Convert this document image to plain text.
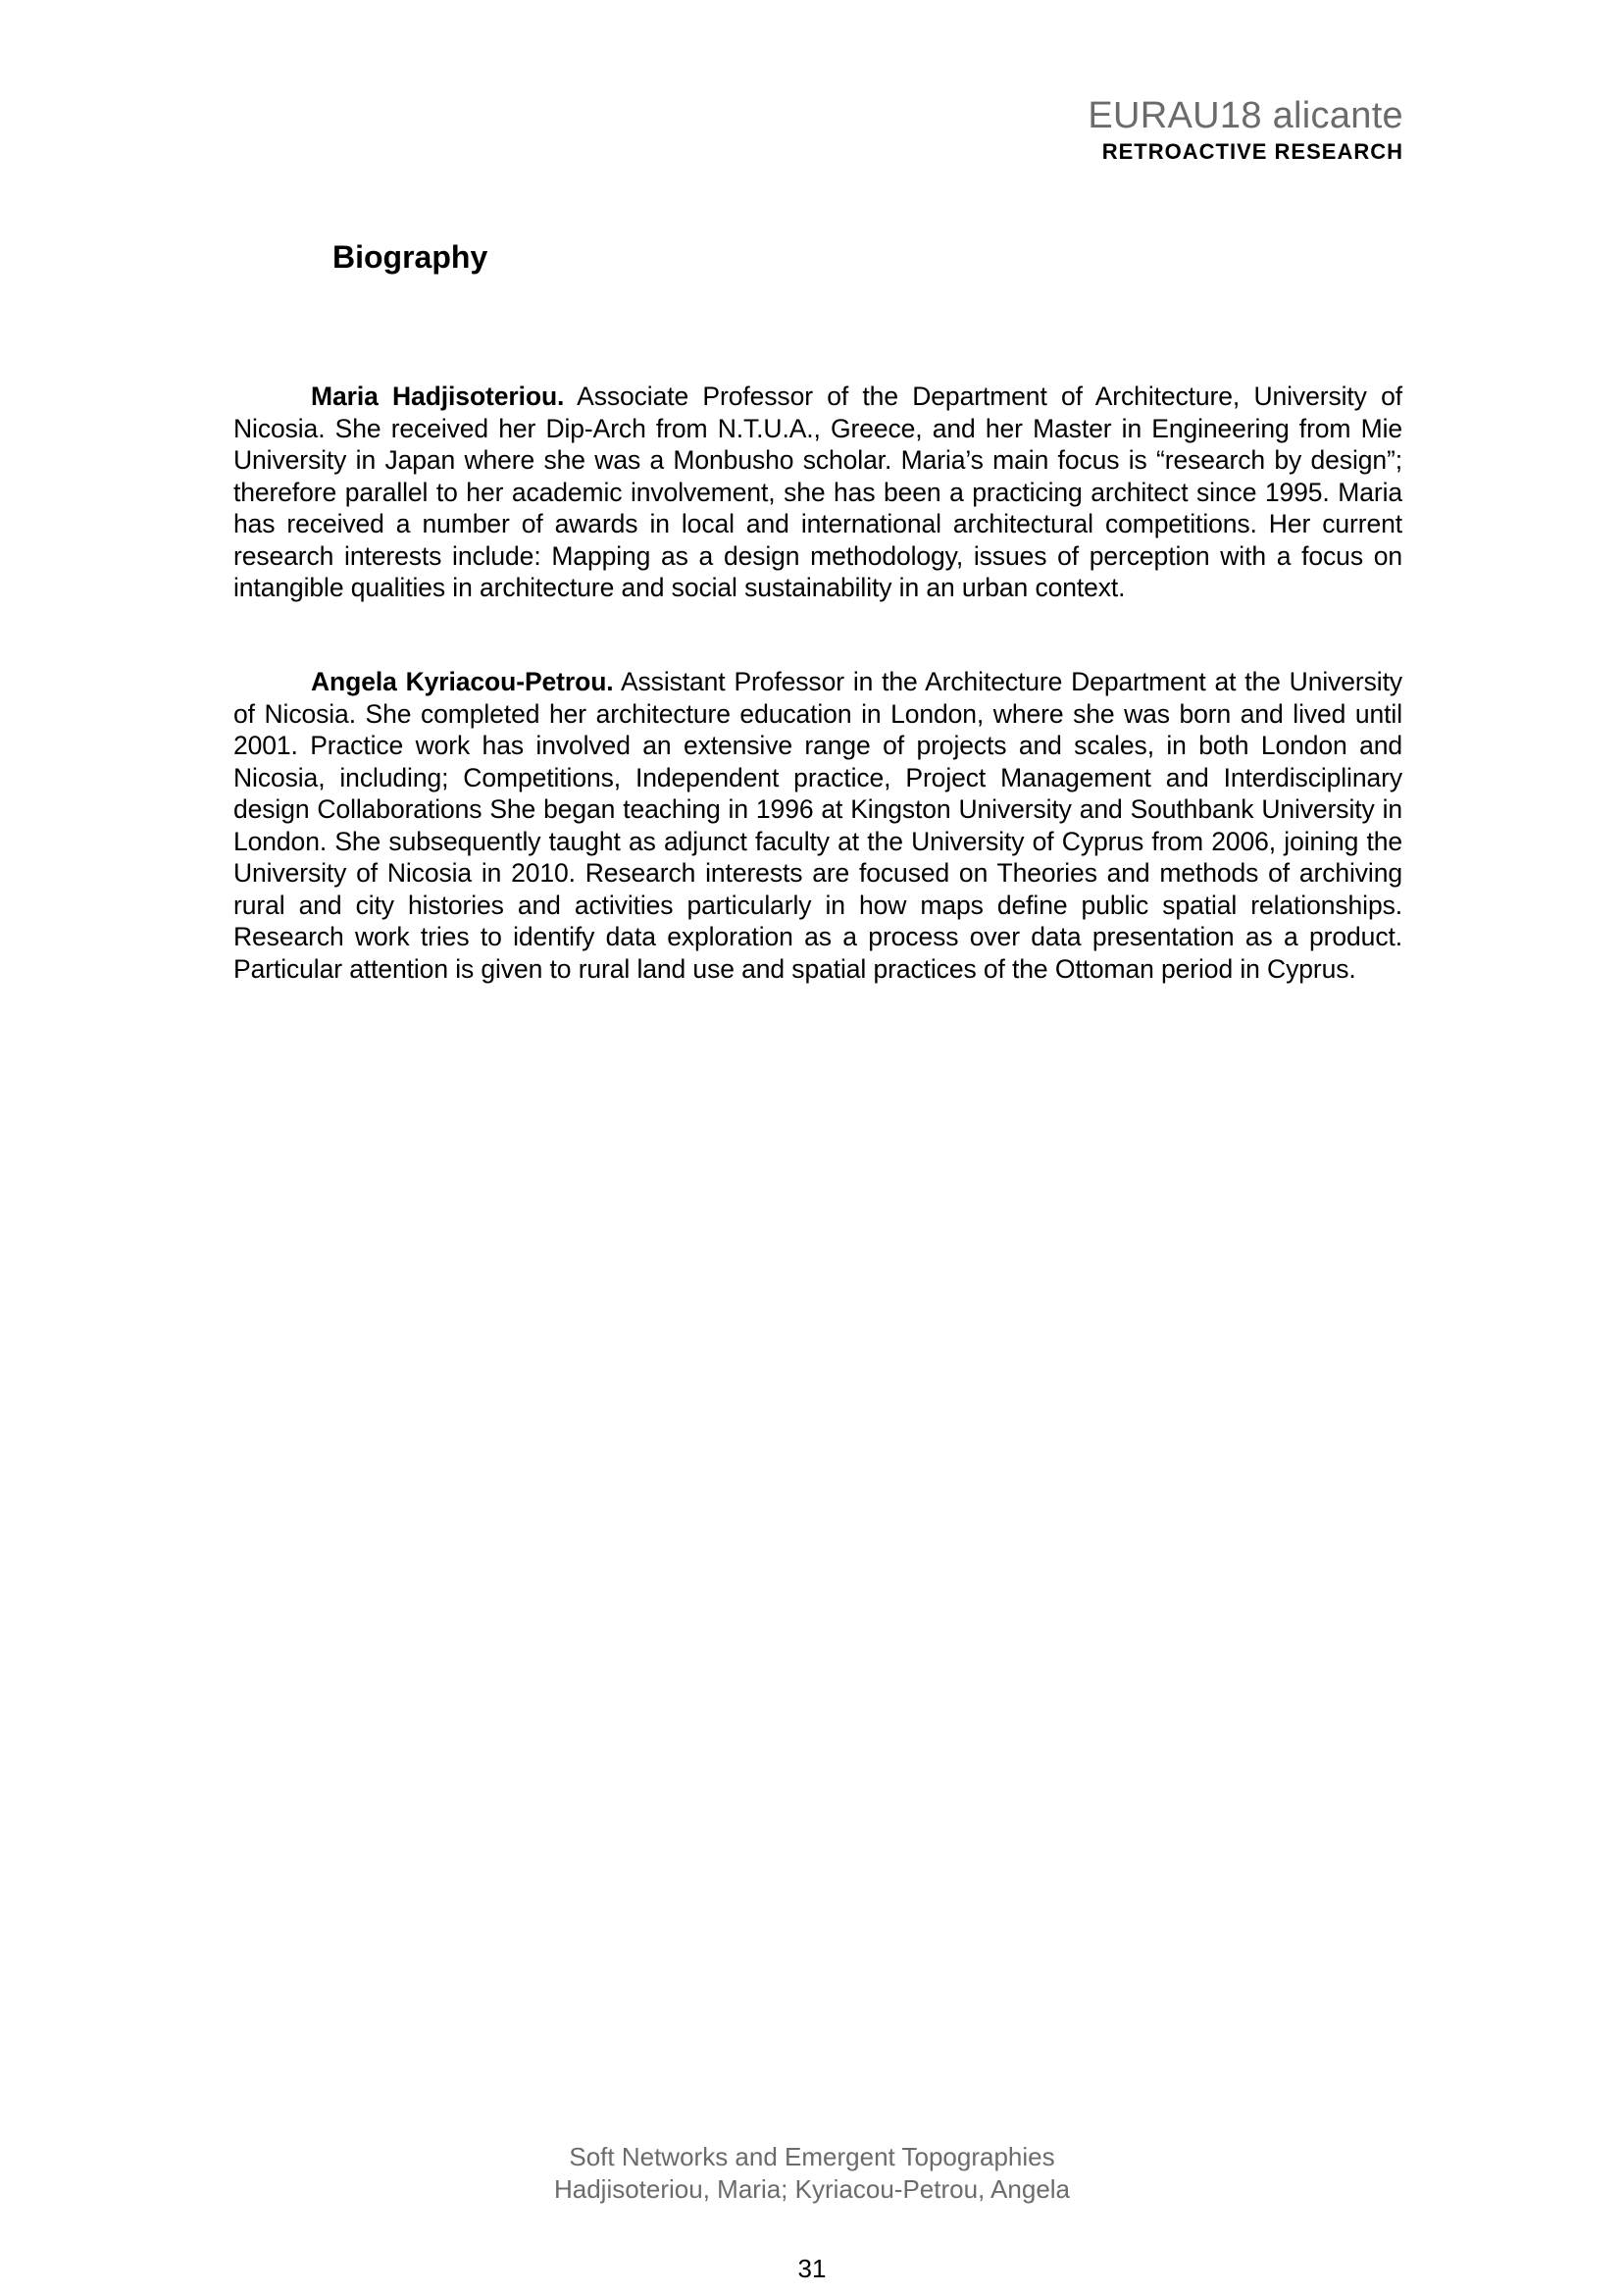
EURAU18 alicante
RETROACTIVE RESEARCH
Biography

Maria Hadjisoteriou. Associate Professor of the Department of Architecture, University of Nicosia. She received her Dip-Arch from N.T.U.A., Greece, and her Master in Engineering from Mie University in Japan where she was a Monbusho scholar. Maria’s main focus is “research by design”; therefore parallel to her academic involvement, she has been a practicing architect since 1995. Maria has received a number of awards in local and international architectural competitions. Her current research interests include: Mapping as a design methodology, issues of perception with a focus on intangible qualities in architecture and social sustainability in an urban context.

Angela Kyriacou-Petrou. Assistant Professor in the Architecture Department at the University of Nicosia. She completed her architecture education in London, where she was born and lived until 2001. Practice work has involved an extensive range of projects and scales, in both London and Nicosia, including; Competitions, Independent practice, Project Management and Interdisciplinary design Collaborations She began teaching in 1996 at Kingston University and Southbank University in London. She subsequently taught as adjunct faculty at the University of Cyprus from 2006, joining the University of Nicosia in 2010. Research interests are focused on Theories and methods of archiving rural and city histories and activities particularly in how maps define public spatial relationships. Research work tries to identify data exploration as a process over data presentation as a product. Particular attention is given to rural land use and spatial practices of the Ottoman period in Cyprus.

Soft Networks and Emergent Topographies
Hadjisoteriou, Maria; Kyriacou-Petrou, Angela
31
